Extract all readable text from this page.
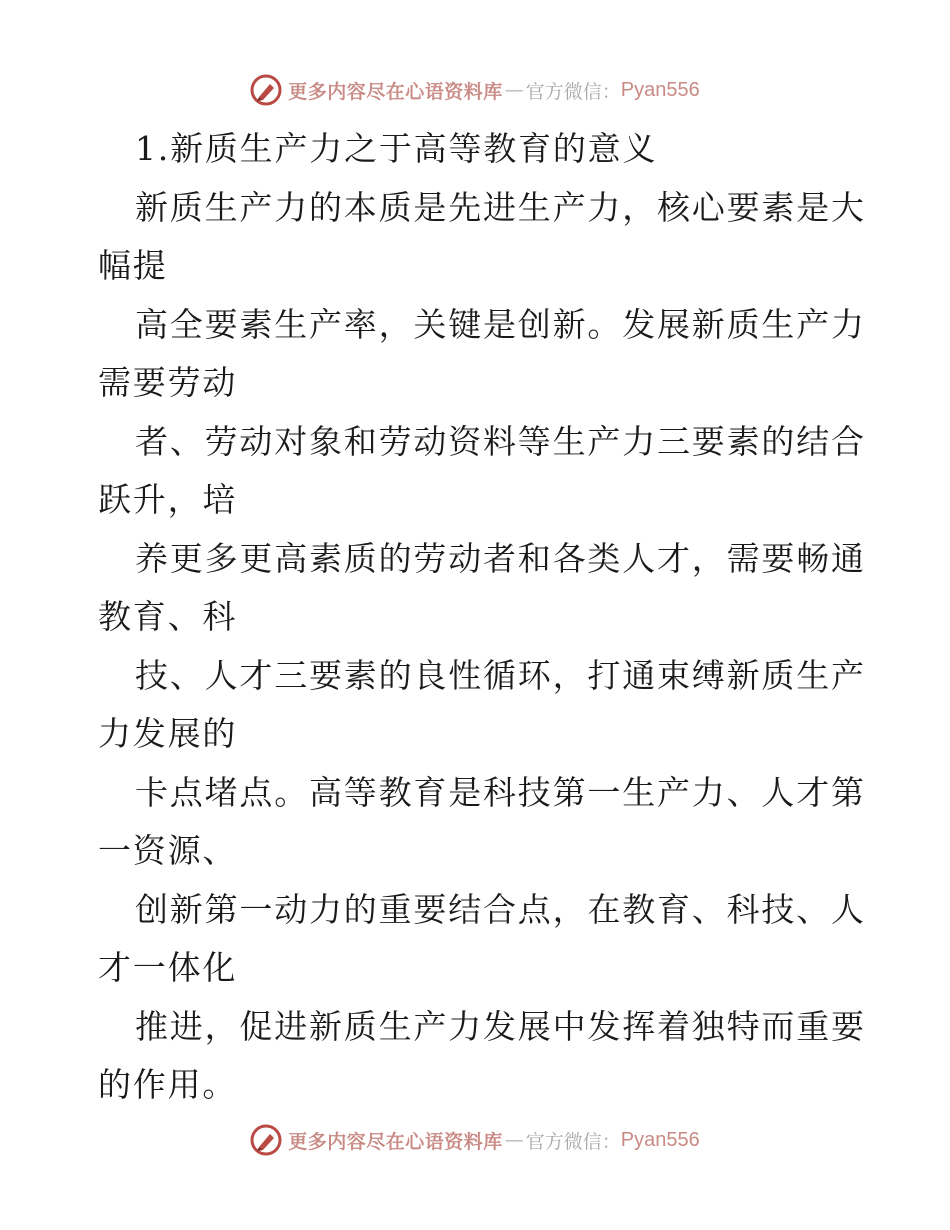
更多内容尽在心语资料库 — 官方微信： Pyan556
1.新质生产力之于高等教育的意义
新质生产力的本质是先进生产力，核心要素是大
幅提
高全要素生产率，关键是创新。发展新质生产力
需要劳动
者、劳动对象和劳动资料等生产力三要素的结合
跃升，培
养更多更高素质的劳动者和各类人才，需要畅通
教育、科
技、人才三要素的良性循环，打通束缚新质生产
力发展的
卡点堵点。高等教育是科技第一生产力、人才第
一资源、
创新第一动力的重要结合点，在教育、科技、人
才一体化
推进，促进新质生产力发展中发挥着独特而重要
的作用。
更多内容尽在心语资料库 — 官方微信： Pyan556
